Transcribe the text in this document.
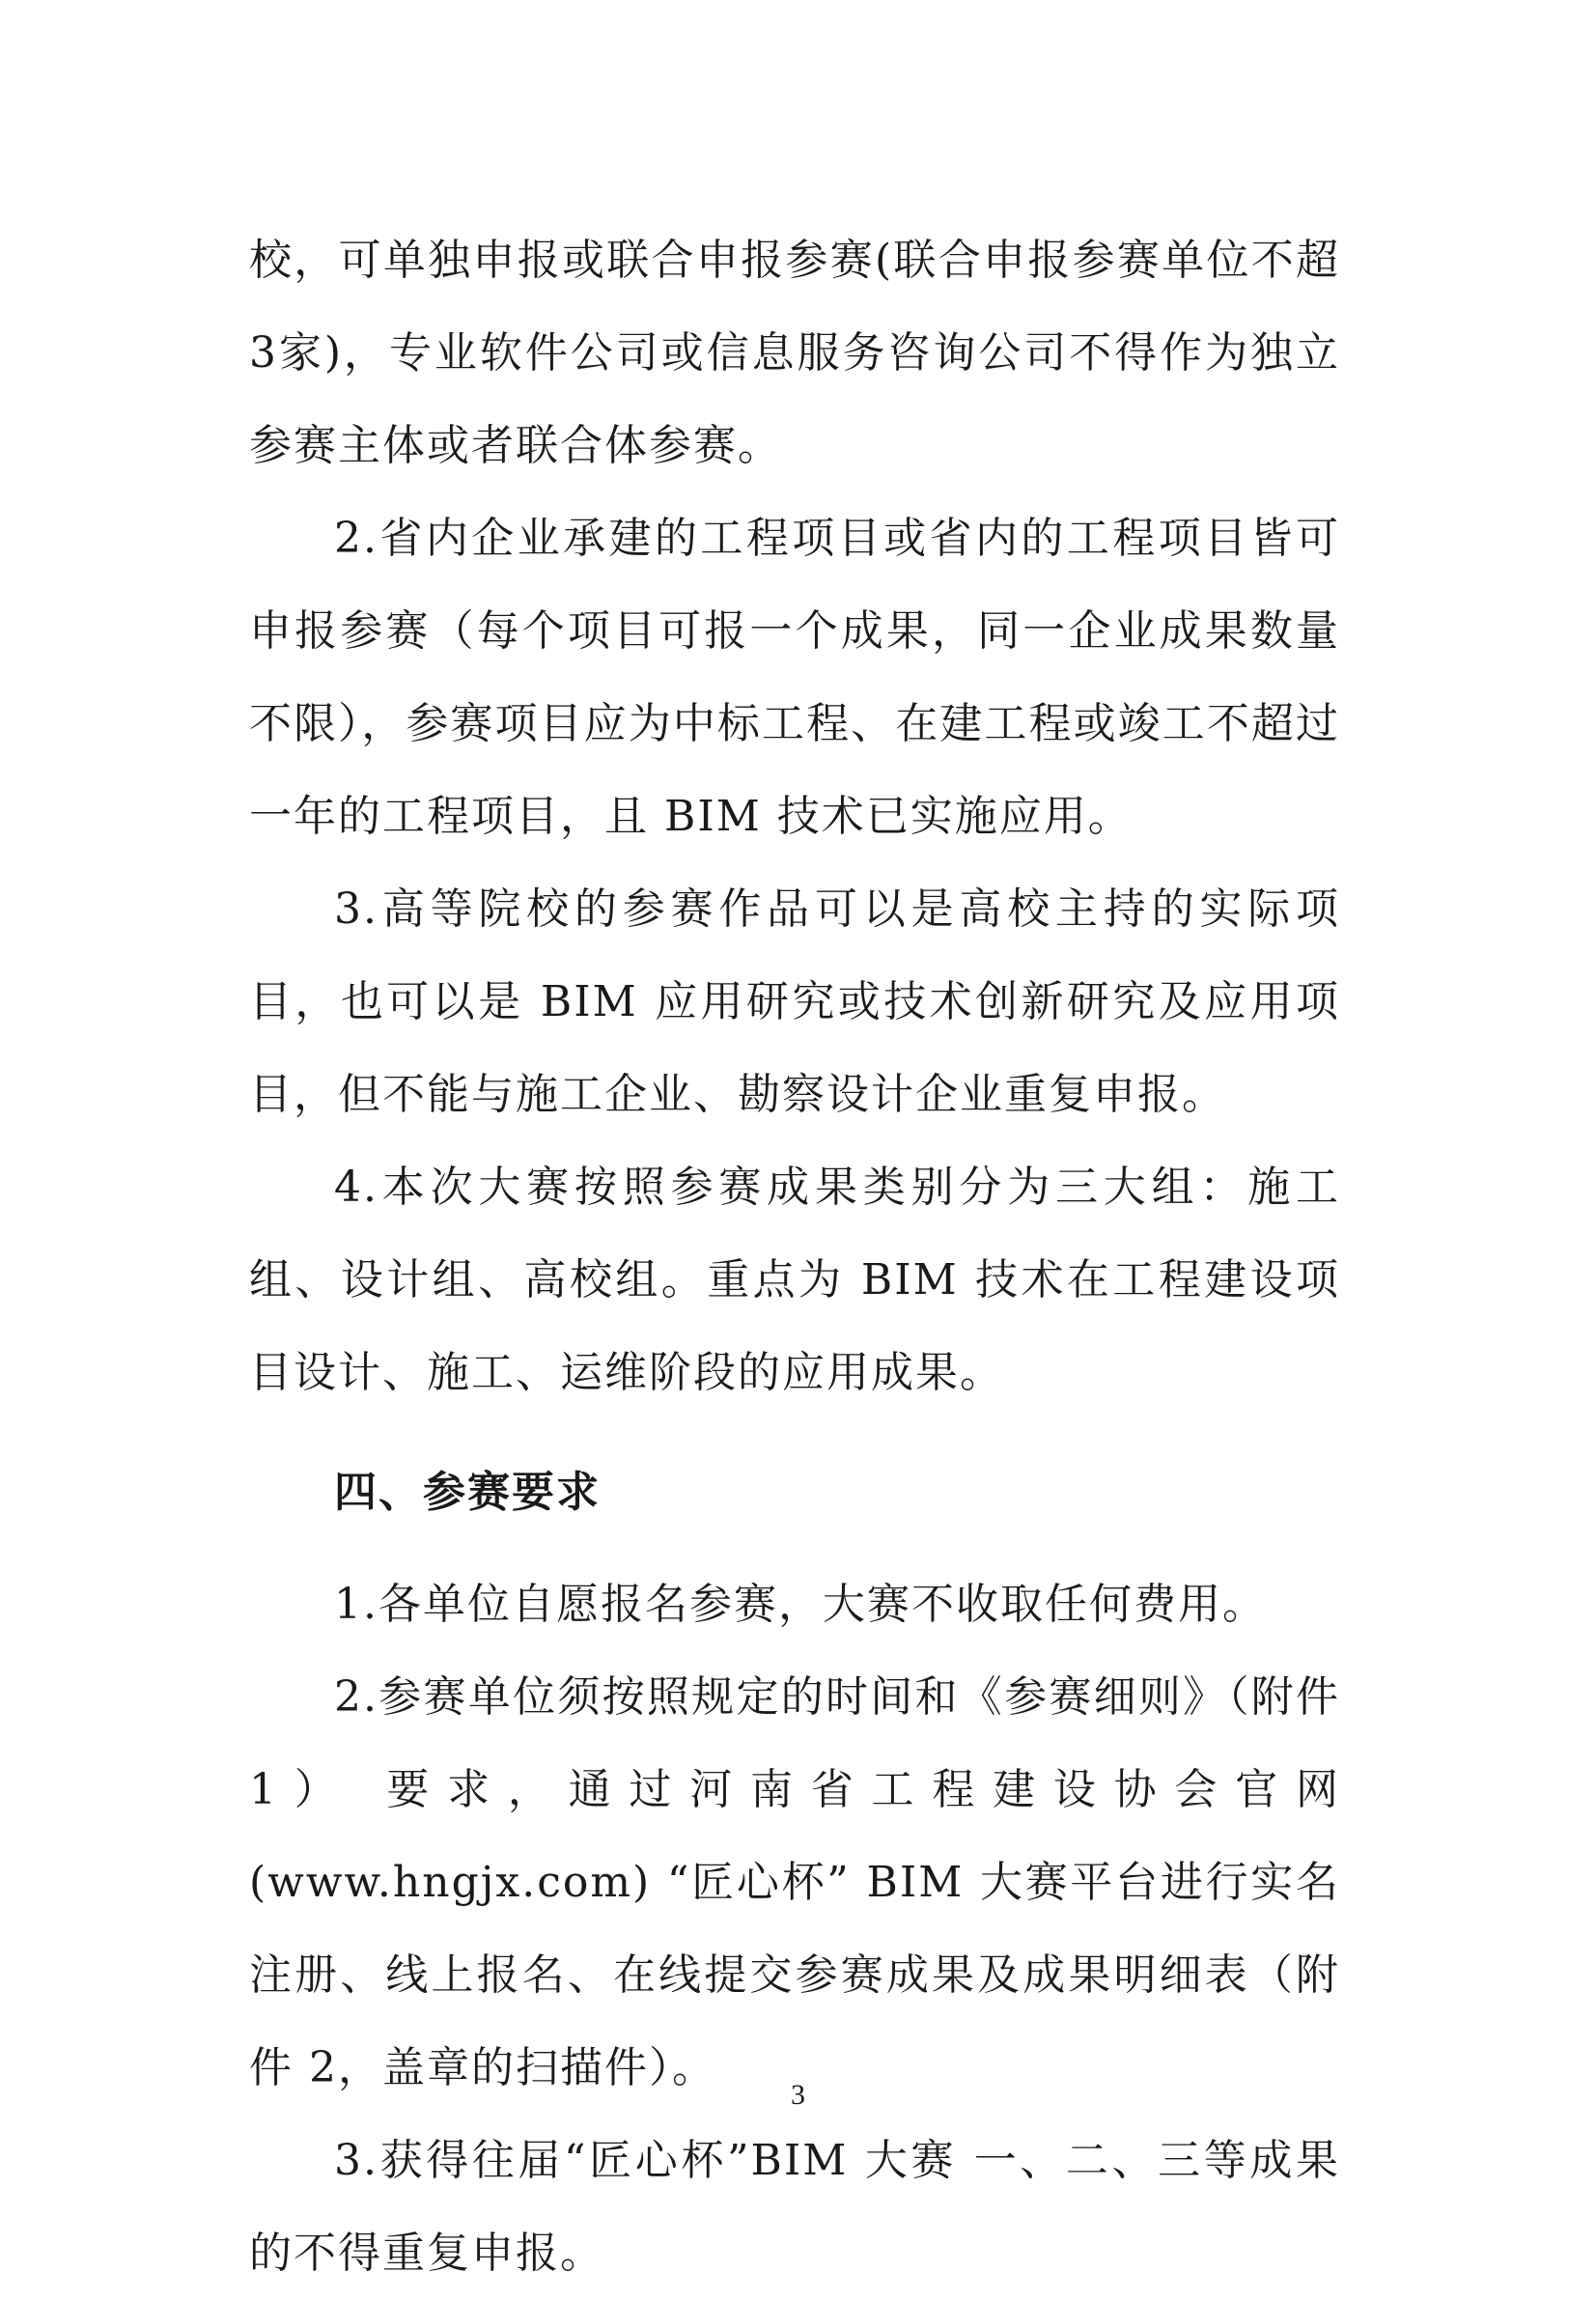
校，可单独申报或联合申报参赛(联合申报参赛单位不超3家)，专业软件公司或信息服务咨询公司不得作为独立参赛主体或者联合体参赛。

2.省内企业承建的工程项目或省内的工程项目皆可申报参赛（每个项目可报一个成果，同一企业成果数量不限），参赛项目应为中标工程、在建工程或竣工不超过一年的工程项目，且 BIM 技术已实施应用。

3.高等院校的参赛作品可以是高校主持的实际项目，也可以是 BIM 应用研究或技术创新研究及应用项目，但不能与施工企业、勘察设计企业重复申报。

4.本次大赛按照参赛成果类别分为三大组：施工组、设计组、高校组。重点为 BIM 技术在工程建设项目设计、施工、运维阶段的应用成果。

四、参赛要求

1.各单位自愿报名参赛，大赛不收取任何费用。

2.参赛单位须按照规定的时间和《参赛细则》（附件 1） 要求，通过河南省工程建设协会官网(www.hngjx.com) “匠心杯” BIM 大赛平台进行实名注册、线上报名、在线提交参赛成果及成果明细表（附件 2，盖章的扫描件）。

3.获得往届“匠心杯”BIM 大赛 一、二、三等成果的不得重复申报。

3
